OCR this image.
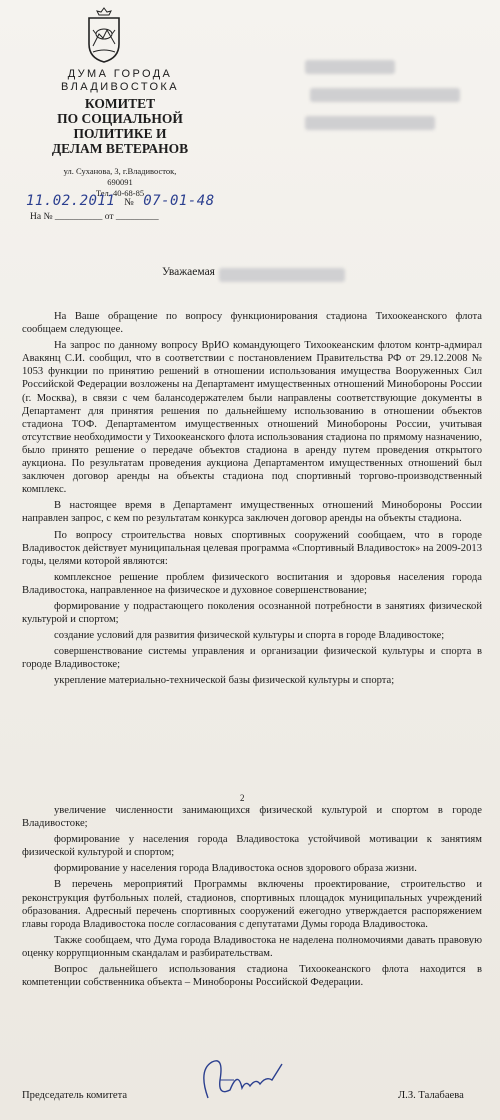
ДУМА ГОРОДА
ВЛАДИВОСТОКА
КОМИТЕТ
ПО СОЦИАЛЬНОЙ
ПОЛИТИКЕ И
ДЕЛАМ ВЕТЕРАНОВ
ул. Суханова, 3, г.Владивосток, 690091
Тел. 40-68-85
11.02.2011 № 07-01-48
На № __________ от _________
Уважаемая

На Ваше обращение по вопросу функционирования стадиона Тихоокеанского флота сообщаем следующее.

На запрос по данному вопросу ВрИО командующего Тихоокеанским флотом контр-адмирал Авакянц С.И. сообщил, что в соответствии с постановлением Правительства РФ от 29.12.2008 № 1053 функции по принятию решений в отношении использования имущества Вооруженных Сил Российской Федерации возложены на Департамент имущественных отношений Минобороны России (г. Москва), в связи с чем балансодержателем были направлены соответствующие документы в Департамент для принятия решения по дальнейшему использованию в отношении объектов стадиона ТОФ. Департаментом имущественных отношений Минобороны России, учитывая отсутствие необходимости у Тихоокеанского флота использования стадиона по прямому назначению, было принято решение о передаче объектов стадиона в аренду путем проведения открытого аукциона. По результатам проведения аукциона Департаментом имущественных отношений был заключен договор аренды на объекты стадиона под спортивный торгово-производственный комплекс.

В настоящее время в Департамент имущественных отношений Минобороны России направлен запрос, с кем по результатам конкурса заключен договор аренды на объекты стадиона.

По вопросу строительства новых спортивных сооружений сообщаем, что в городе Владивосток действует муниципальная целевая программа «Спортивный Владивосток» на 2009-2013 годы, целями которой являются:

комплексное решение проблем физического воспитания и здоровья населения города Владивостока, направленное на физическое и духовное совершенствование;

формирование у подрастающего поколения осознанной потребности в занятиях физической культурой и спортом;

создание условий для развития физической культуры и спорта в городе Владивостоке;

совершенствование системы управления и организации физической культуры и спорта в городе Владивостоке;

укрепление материально-технической базы физической культуры и спорта;

2

увеличение численности занимающихся физической культурой и спортом в городе Владивостоке;

формирование у населения города Владивостока устойчивой мотивации к занятиям физической культурой и спортом;

формирование у населения города Владивостока основ здорового образа жизни.

В перечень мероприятий Программы включены проектирование, строительство и реконструкция футбольных полей, стадионов, спортивных площадок муниципальных учреждений образования. Адресный перечень спортивных сооружений ежегодно утверждается распоряжением главы города Владивостока после согласования с депутатами Думы города Владивостока.

Также сообщаем, что Дума города Владивостока не наделена полномочиями давать правовую оценку коррупционным скандалам и разбирательствам.

Вопрос дальнейшего использования стадиона Тихоокеанского флота находится в компетенции собственника объекта – Минобороны Российской Федерации.

Председатель комитета	Л.З. Талабаева
